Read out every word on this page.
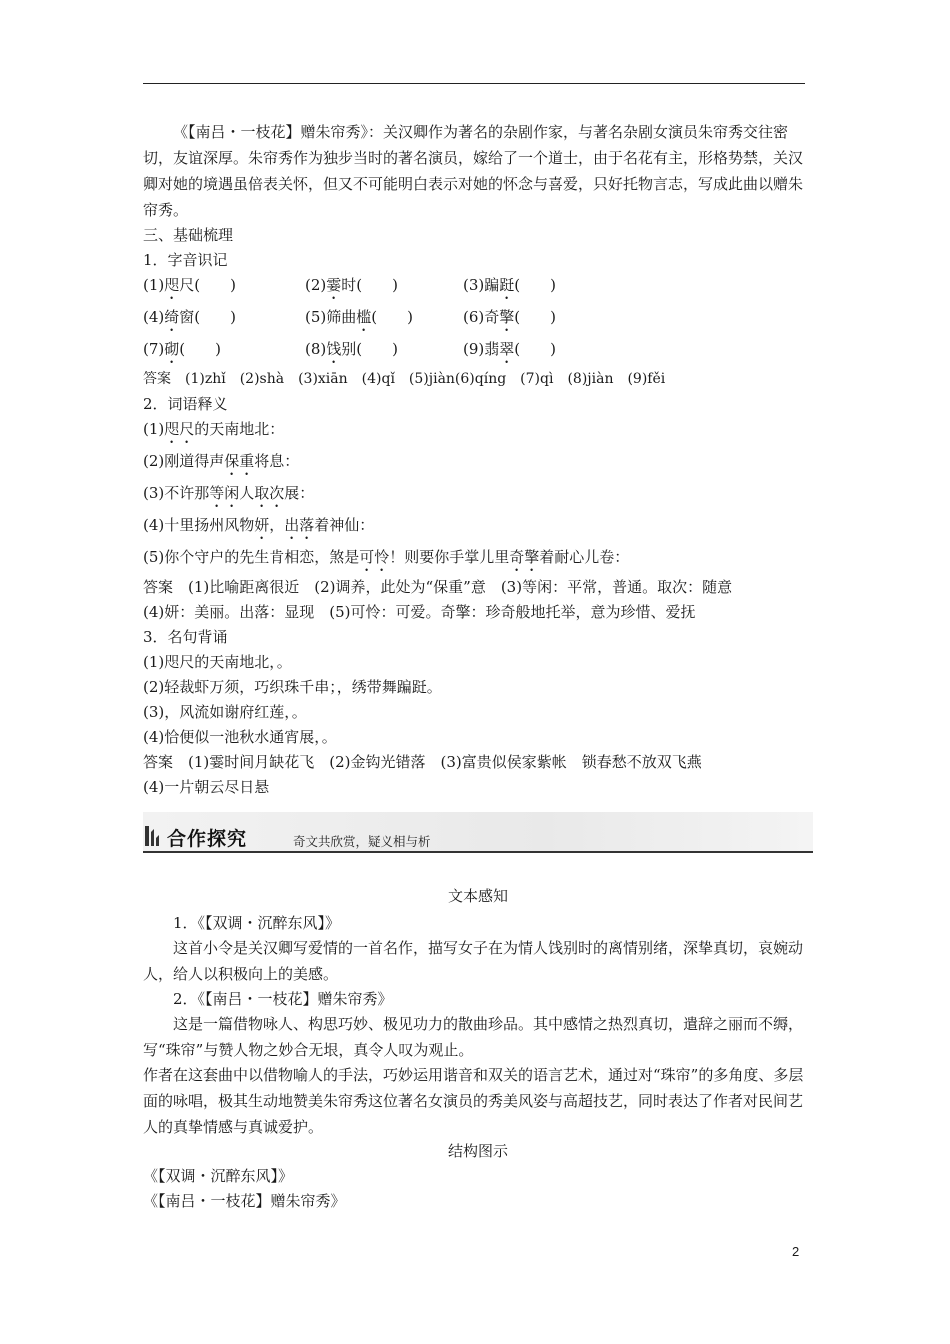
《【南吕・一枝花】赠朱帘秀》：关汉卿作为著名的杂剧作家，与著名杂剧女演员朱帘秀交往密切，友谊深厚。朱帘秀作为独步当时的著名演员，嫁给了一个道士，由于名花有主，形格势禁，关汉卿对她的境遇虽倍表关怀，但又不可能明白表示对她的怀念与喜爱，只好托物言志，写成此曲以赠朱帘秀。
三、基础梳理
1．字音识记
(1)咫尺(　　)	(2)霎时(　　)	(3)蹁跹(　　)
(4)绮窗(　　)	(5)筛曲槛(　　)	(6)奇擎(　　)
(7)砌(　　)	(8)饯别(　　)	(9)翡翠(　　)
答案　(1)zhǐ　(2)shà　(3)xiān　(4)qǐ　(5)jiàn(6)qíng　(7)qì　(8)jiàn　(9)fěi
2．词语释义
(1)咫尺的天南地北：
(2)刚道得声保重将息：
(3)不许那等闲人取次展：
(4)十里扬州风物妍，出落着神仙：
(5)你个守户的先生肯相恋，煞是可怜！则要你手掌儿里奇擎着耐心儿卷：
答案　(1)比喻距离很近　(2)调养，此处为“保重”意　(3)等闲：平常，普通。取次：随意
(4)妍：美丽。出落：显现　(5)可怜：可爱。奇擎：珍奇般地托举，意为珍惜、爱抚
3．名句背诵
(1)咫尺的天南地北，。
(2)轻裁虾万须，巧织珠千串；，绣带舞蹁跹。
(3)，风流如谢府红莲，。
(4)恰便似一池秋水通宵展，。
答案　(1)霎时间月缺花飞　(2)金钩光错落　(3)富贵似侯家紫帐　锁春愁不放双飞燕
(4)一片朝云尽日悬
合作探究	奇文共欣赏，疑义相与析
文本感知
1．《【双调・沉醉东风】》
这首小令是关汉卿写爱情的一首名作，描写女子在为情人饯别时的离情别绪，深挚真切，哀婉动人，给人以积极向上的美感。
2．《【南吕・一枝花】赠朱帘秀》
这是一篇借物咏人、构思巧妙、极见功力的散曲珍品。其中感情之热烈真切，遣辞之丽而不缛，写“珠帘”与赞人物之妙合无垠，真令人叹为观止。
作者在这套曲中以借物喻人的手法，巧妙运用谐音和双关的语言艺术，通过对“珠帘”的多角度、多层面的咏唱，极其生动地赞美朱帘秀这位著名女演员的秀美风姿与高超技艺，同时表达了作者对民间艺人的真挚情感与真诚爱护。
结构图示
《【双调・沉醉东风】》
《【南吕・一枝花】赠朱帘秀》
2
